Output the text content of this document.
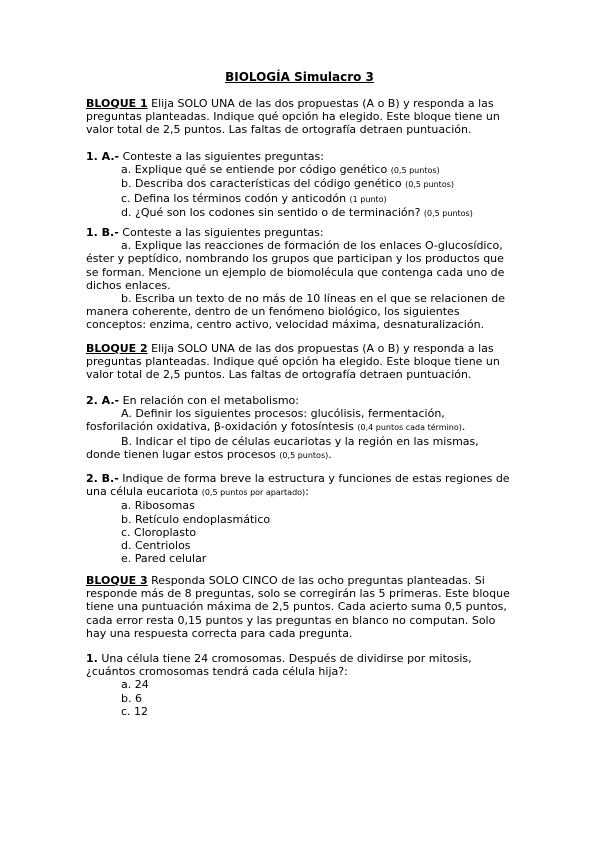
BIOLOGÍA Simulacro 3

BLOQUE 1 Elija SOLO UNA de las dos propuestas (A o B) y responda a las preguntas planteadas. Indique qué opción ha elegido. Este bloque tiene un valor total de 2,5 puntos. Las faltas de ortografía detraen puntuación.

1. A.- Conteste a las siguientes preguntas:

a. Explique qué se entiende por código genético (0,5 puntos)

b. Describa dos características del código genético (0,5 puntos)

c. Defina los términos codón y anticodón (1 punto)

d. ¿Qué son los codones sin sentido o de terminación? (0,5 puntos)

1. B.- Conteste a las siguientes preguntas:

a. Explique las reacciones de formación de los enlaces O-glucosídico, éster y peptídico, nombrando los grupos que participan y los productos que se forman. Mencione un ejemplo de biomolécula que contenga cada uno de dichos enlaces.

b. Escriba un texto de no más de 10 líneas en el que se relacionen de manera coherente, dentro de un fenómeno biológico, los siguientes conceptos: enzima, centro activo, velocidad máxima, desnaturalización.

BLOQUE 2 Elija SOLO UNA de las dos propuestas (A o B) y responda a las preguntas planteadas. Indique qué opción ha elegido. Este bloque tiene un valor total de 2,5 puntos. Las faltas de ortografía detraen puntuación.

2. A.- En relación con el metabolismo:

A. Definir los siguientes procesos: glucólisis, fermentación, fosforilación oxidativa, β-oxidación y fotosíntesis (0,4 puntos cada término).

B. Indicar el tipo de células eucariotas y la región en las mismas, donde tienen lugar estos procesos (0,5 puntos).

2. B.- Indique de forma breve la estructura y funciones de estas regiones de una célula eucariota (0,5 puntos por apartado):

a. Ribosomas

b. Retículo endoplasmático

c. Cloroplasto

d. Centriolos

e. Pared celular

BLOQUE 3 Responda SOLO CINCO de las ocho preguntas planteadas. Si responde más de 8 preguntas, solo se corregirán las 5 primeras. Este bloque tiene una puntuación máxima de 2,5 puntos. Cada acierto suma 0,5 puntos, cada error resta 0,15 puntos y las preguntas en blanco no computan. Solo hay una respuesta correcta para cada pregunta.

1. Una célula tiene 24 cromosomas. Después de dividirse por mitosis, ¿cuántos cromosomas tendrá cada célula hija?:

a. 24

b. 6

c. 12
